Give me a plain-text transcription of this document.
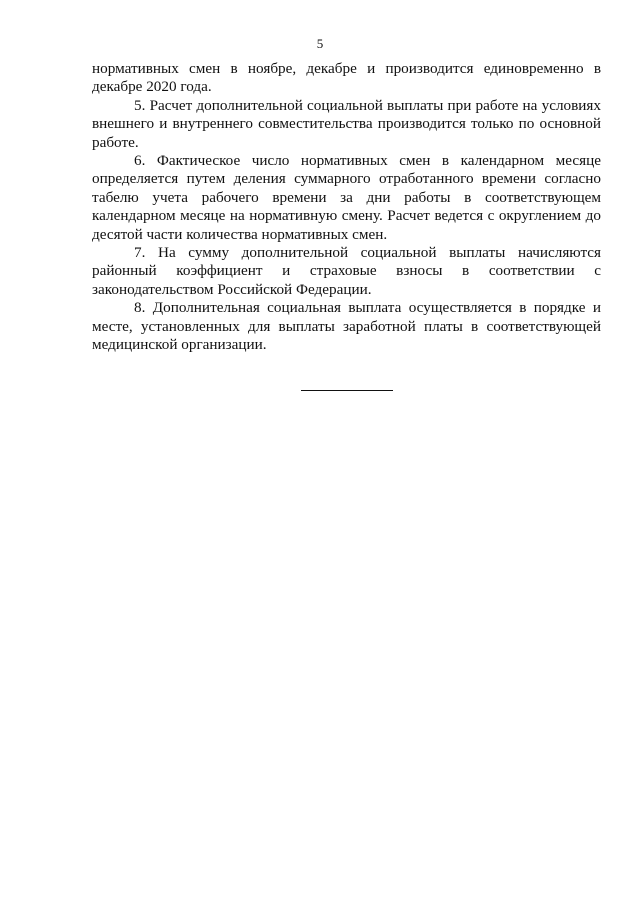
5

нормативных смен в ноябре, декабре и производится единовременно в декабре 2020 года.

5. Расчет дополнительной социальной выплаты при работе на условиях внешнего и внутреннего совместительства производится только по основной работе.

6. Фактическое число нормативных смен в календарном месяце определяется путем деления суммарного отработанного времени согласно табелю учета рабочего времени за дни работы в соответствующем календарном месяце на нормативную смену. Расчет ведется с округлением до десятой части количества нормативных смен.

7. На сумму дополнительной социальной выплаты начисляются районный коэффициент и страховые взносы в соответствии с законодательством Российской Федерации.

8. Дополнительная социальная выплата осуществляется в порядке и месте, установленных для выплаты заработной платы в соответствующей медицинской организации.
